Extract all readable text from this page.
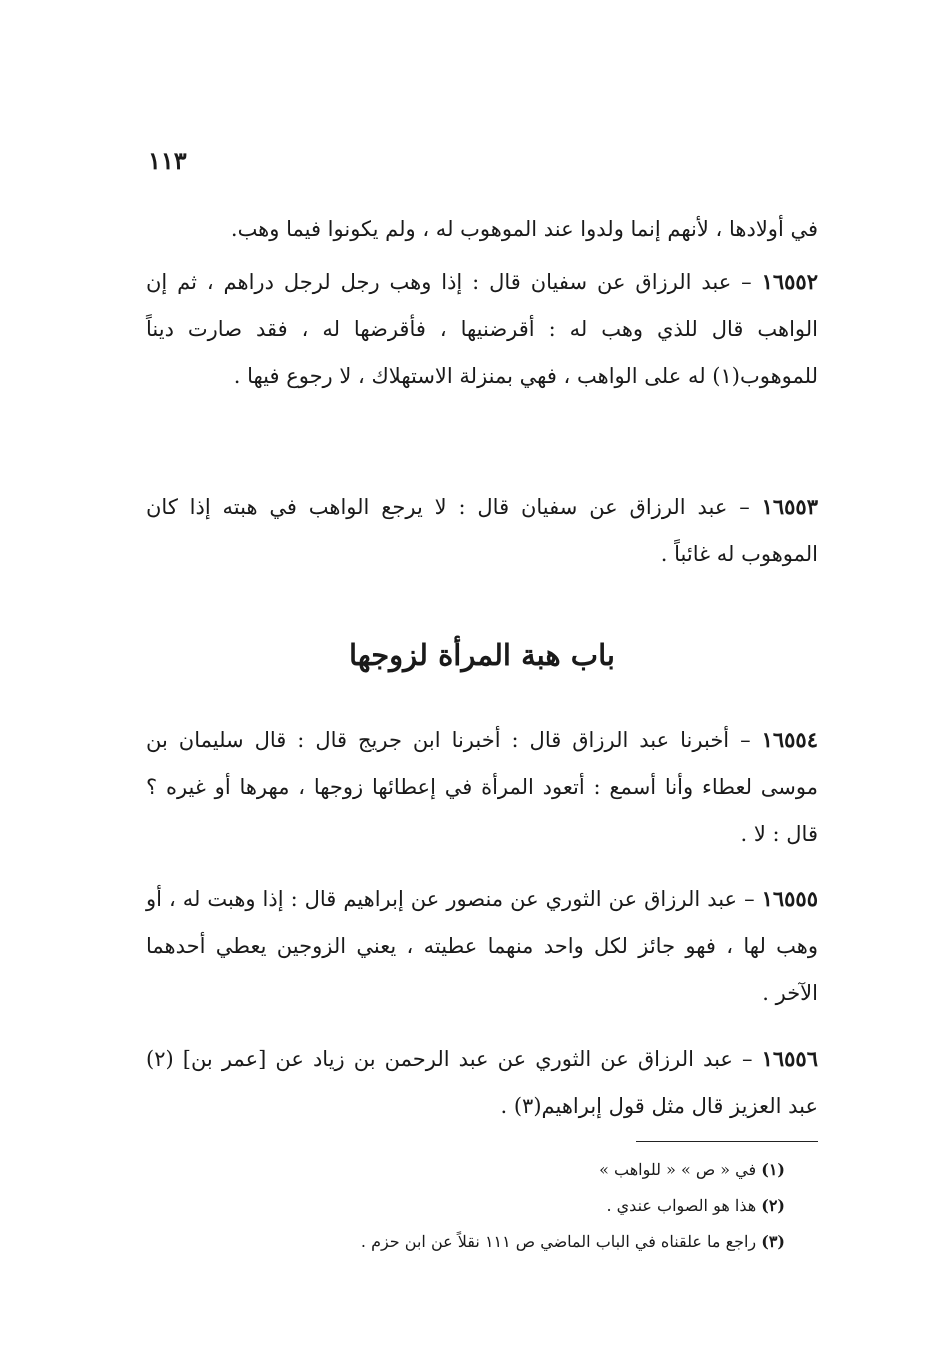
١١٣

في أولادها ، لأنهم إنما ولدوا عند الموهوب له ، ولم يكونوا فيما وهب.

١٦٥٥٢ – عبد الرزاق عن سفيان قال : إذا وهب رجل لرجل دراهم ، ثم إن الواهب قال للذي وهب له : أقرضنيها ، فأقرضها له ، فقد صارت ديناً للموهوب(١) له على الواهب ، فهي بمنزلة الاستهلاك ، لا رجوع فيها .

١٦٥٥٣ – عبد الرزاق عن سفيان قال : لا يرجع الواهب في هبته إذا كان الموهوب له غائباً .

باب هبة المرأة لزوجها

١٦٥٥٤ – أخبرنا عبد الرزاق قال : أخبرنا ابن جريج قال : قال سليمان بن موسى لعطاء وأنا أسمع : أتعود المرأة في إعطائها زوجها ، مهرها أو غيره ؟ قال : لا .

١٦٥٥٥ – عبد الرزاق عن الثوري عن منصور عن إبراهيم قال : إذا وهبت له ، أو وهب لها ، فهو جائز لكل واحد منهما عطيته ، يعني الزوجين يعطي أحدهما الآخر .

١٦٥٥٦ – عبد الرزاق عن الثوري عن عبد الرحمن بن زياد عن [عمر بن] (٢) عبد العزيز قال مثل قول إبراهيم(٣) .

(١) في « ص » « للواهب »

(٢) هذا هو الصواب عندي .

(٣) راجع ما علقناه في الباب الماضي ص ١١١ نقلاً عن ابن حزم .
